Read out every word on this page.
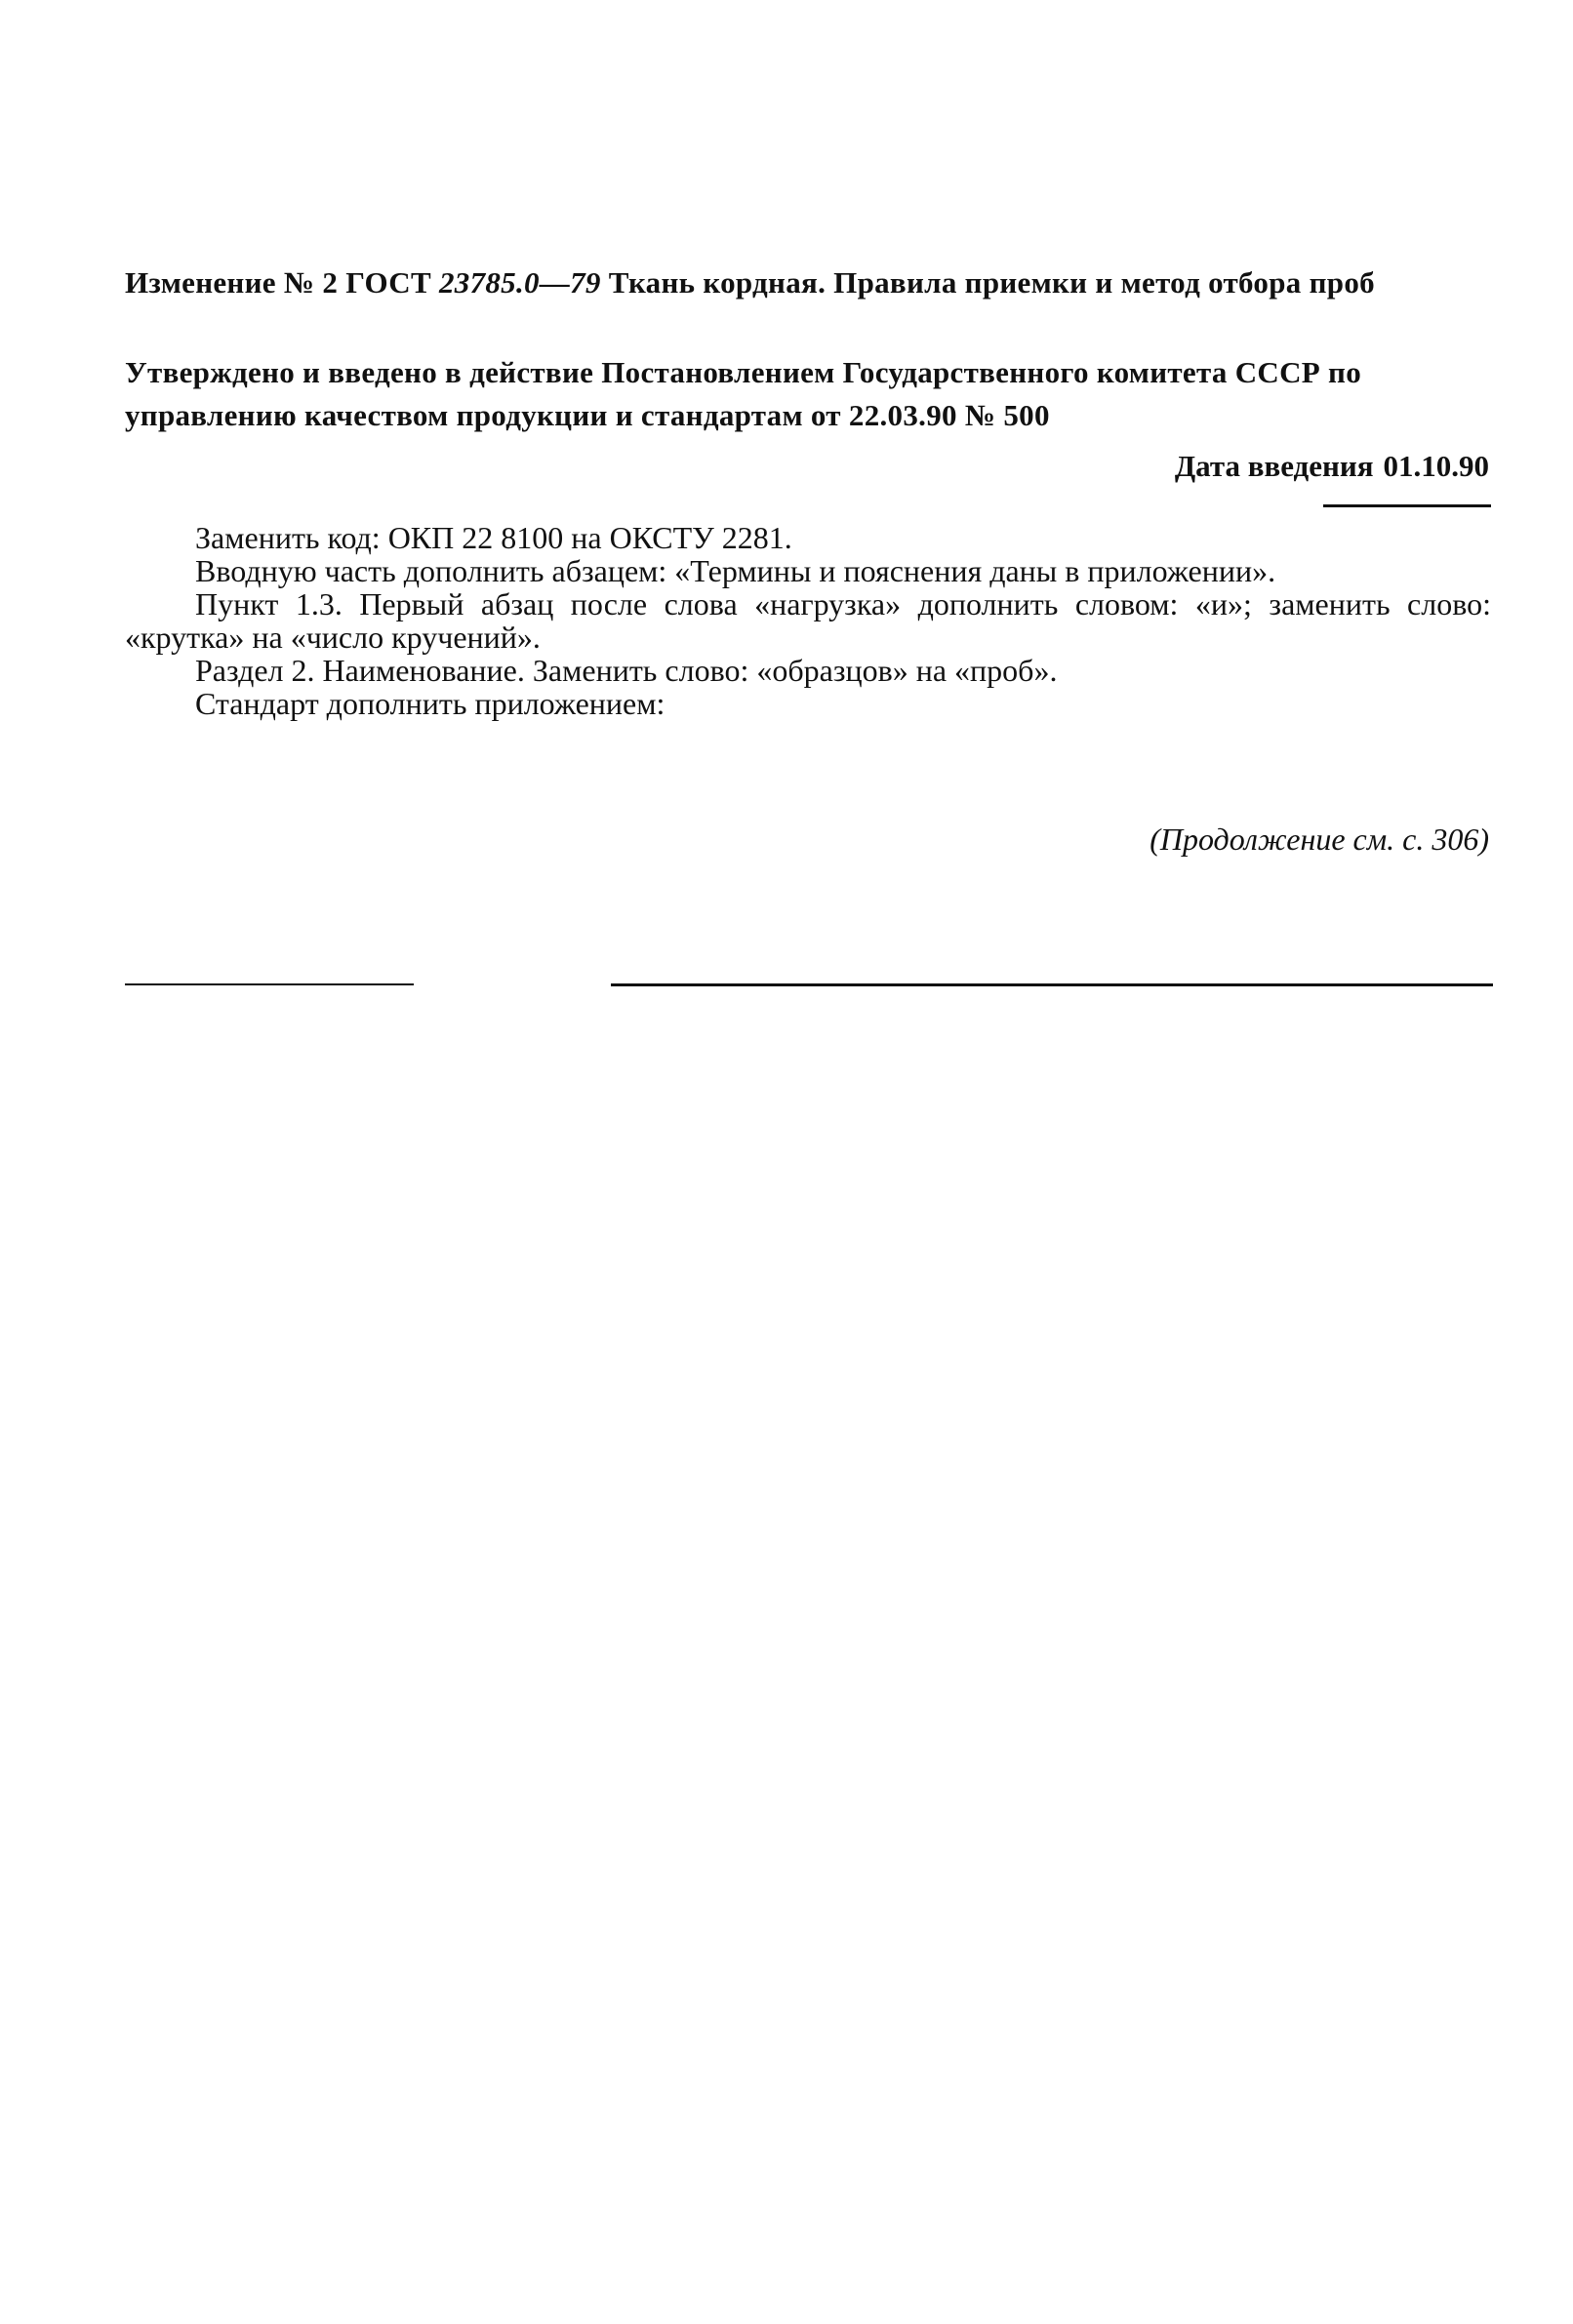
Изменение № 2 ГОСТ 23785.0—79 Ткань кордная. Правила приемки и метод отбора проб

Утверждено и введено в действие Постановлением Государственного комитета СССР по управлению качеством продукции и стандартам от 22.03.90 № 500

Дата введения 01.10.90

Заменить код: ОКП 22 8100 на ОКСТУ 2281.

Вводную часть дополнить абзацем: «Термины и пояснения даны в приложении».

Пункт 1.3. Первый абзац после слова «нагрузка» дополнить словом: «и»; заменить слово: «крутка» на «число кручений».

Раздел 2. Наименование. Заменить слово: «образцов» на «проб».

Стандарт дополнить приложением:

(Продолжение см. с. 306)
